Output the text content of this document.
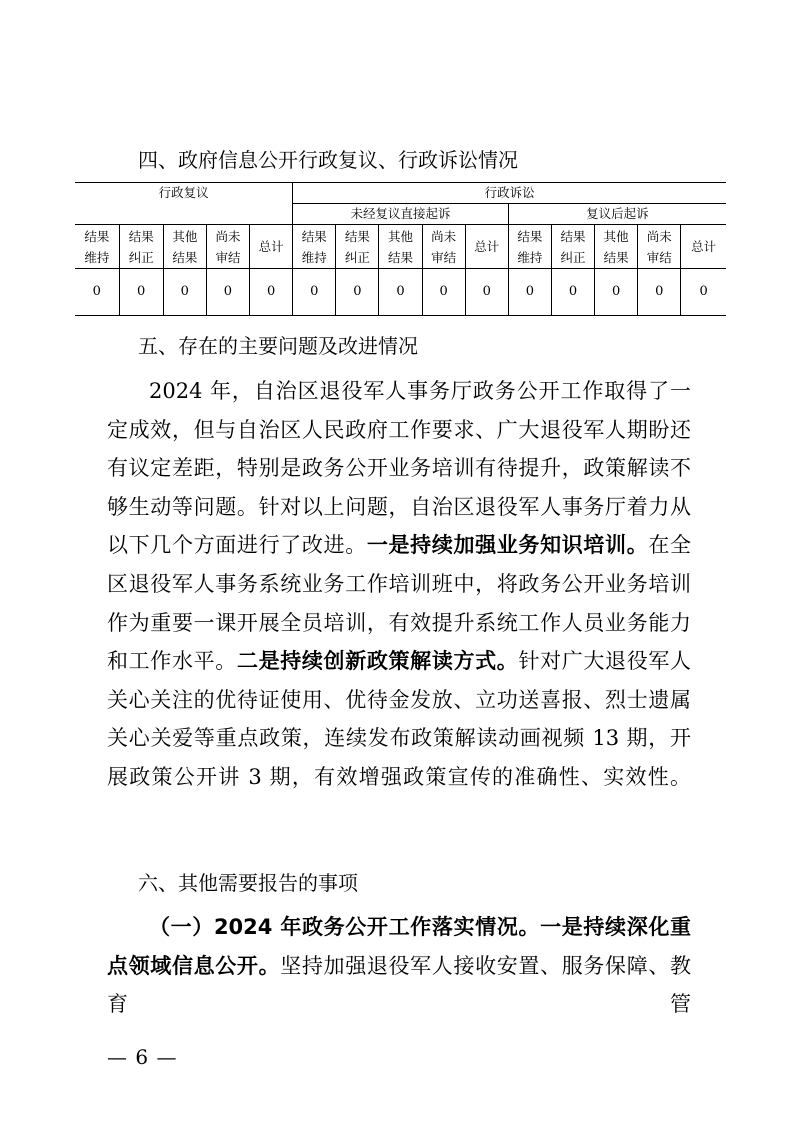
四、政府信息公开行政复议、行政诉讼情况
行政复议					行政诉讼									
					未经复议直接起诉					复议后起诉				
结果维持	结果纠正	其他结果	尚未审结	总计	结果维持	结果纠正	其他结果	尚未审结	总计	结果维持	结果纠正	其他结果	尚未审结	总计
0	0	0	0	0	0	0	0	0	0	0	0	0	0	0
五、存在的主要问题及改进情况

2024 年，自治区退役军人事务厅政务公开工作取得了一定成效，但与自治区人民政府工作要求、广大退役军人期盼还有议定差距，特别是政务公开业务培训有待提升，政策解读不够生动等问题。针对以上问题，自治区退役军人事务厅着力从以下几个方面进行了改进。一是持续加强业务知识培训。在全区退役军人事务系统业务工作培训班中，将政务公开业务培训作为重要一课开展全员培训，有效提升系统工作人员业务能力和工作水平。二是持续创新政策解读方式。针对广大退役军人关心关注的优待证使用、优待金发放、立功送喜报、烈士遗属关心关爱等重点政策，连续发布政策解读动画视频 13 期，开展政策公开讲 3 期，有效增强政策宣传的准确性、实效性。

六、其他需要报告的事项

（一）2024 年政务公开工作落实情况。一是持续深化重点领域信息公开。坚持加强退役军人接收安置、服务保障、教育管

— 6 —
